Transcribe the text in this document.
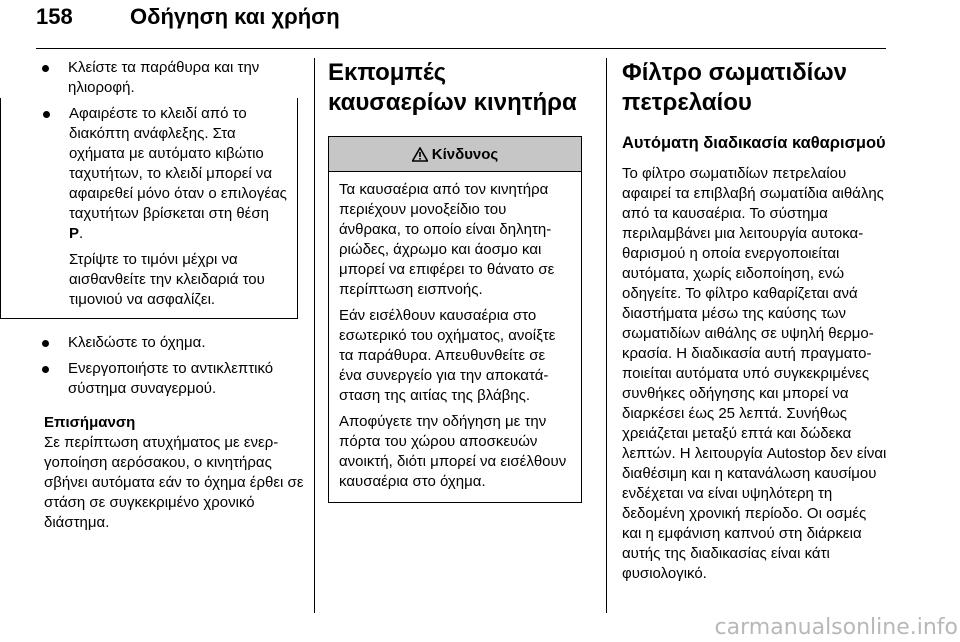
158	Οδήγηση και χρήση

Κλείστε τα παράθυρα και την ηλιοροφή.

Αφαιρέστε το κλειδί από το διακόπτη ανάφλεξης. Στα οχήματα με αυτόματο κιβώτιο ταχυτήτων, το κλειδί μπορεί να αφαιρεθεί μόνο όταν ο επιλογέας ταχυτήτων βρίσκεται στη θέση P.

Στρίψτε το τιμόνι μέχρι να αισθανθείτε την κλειδαριά του τιμονιού να ασφαλίζει.

Κλειδώστε το όχημα.

Ενεργοποιήστε το αντικλεπτικό σύστημα συναγερμού.

Επισήμανση
Σε περίπτωση ατυχήματος με ενεργοποίηση αερόσακου, ο κινητήρας σβήνει αυτόματα εάν το όχημα έρθει σε στάση σε συγκεκριμένο χρονικό διάστημα.
Εκπομπές καυσαερίων κινητήρα
Κίνδυνος

Τα καυσαέρια από τον κινητήρα περιέχουν μονοξείδιο του άνθρακα, το οποίο είναι δηλητηριώδες, άχρωμο και άοσμο και μπορεί να επιφέρει το θάνατο σε περίπτωση εισπνοής.

Εάν εισέλθουν καυσαέρια στο εσωτερικό του οχήματος, ανοίξτε τα παράθυρα. Απευθυνθείτε σε ένα συνεργείο για την αποκατάσταση της αιτίας της βλάβης.

Αποφύγετε την οδήγηση με την πόρτα του χώρου αποσκευών ανοικτή, διότι μπορεί να εισέλθουν καυσαέρια στο όχημα.

Φίλτρο σωματιδίων πετρελαίου
Αυτόματη διαδικασία καθαρισμού

Το φίλτρο σωματιδίων πετρελαίου αφαιρεί τα επιβλαβή σωματίδια αιθάλης από τα καυσαέρια. Το σύστημα περιλαμβάνει μια λειτουργία αυτοκαθαρισμού η οποία ενεργοποιείται αυτόματα, χωρίς ειδοποίηση, ενώ οδηγείτε. Το φίλτρο καθαρίζεται ανά διαστήματα μέσω της καύσης των σωματιδίων αιθάλης σε υψηλή θερμοκρασία. Η διαδικασία αυτή πραγματοποιείται αυτόματα υπό συγκεκριμένες συνθήκες οδήγησης και μπορεί να διαρκέσει έως 25 λεπτά. Συνήθως χρειάζεται μεταξύ επτά και δώδεκα λεπτών. Η λειτουργία Autostop δεν είναι διαθέσιμη και η κατανάλωση καυσίμου ενδέχεται να είναι υψηλότερη τη δεδομένη χρονική περίοδο. Οι οσμές και η εμφάνιση καπνού στη διάρκεια αυτής της διαδικασίας είναι κάτι φυσιολογικό.

carmanualsonline.info
